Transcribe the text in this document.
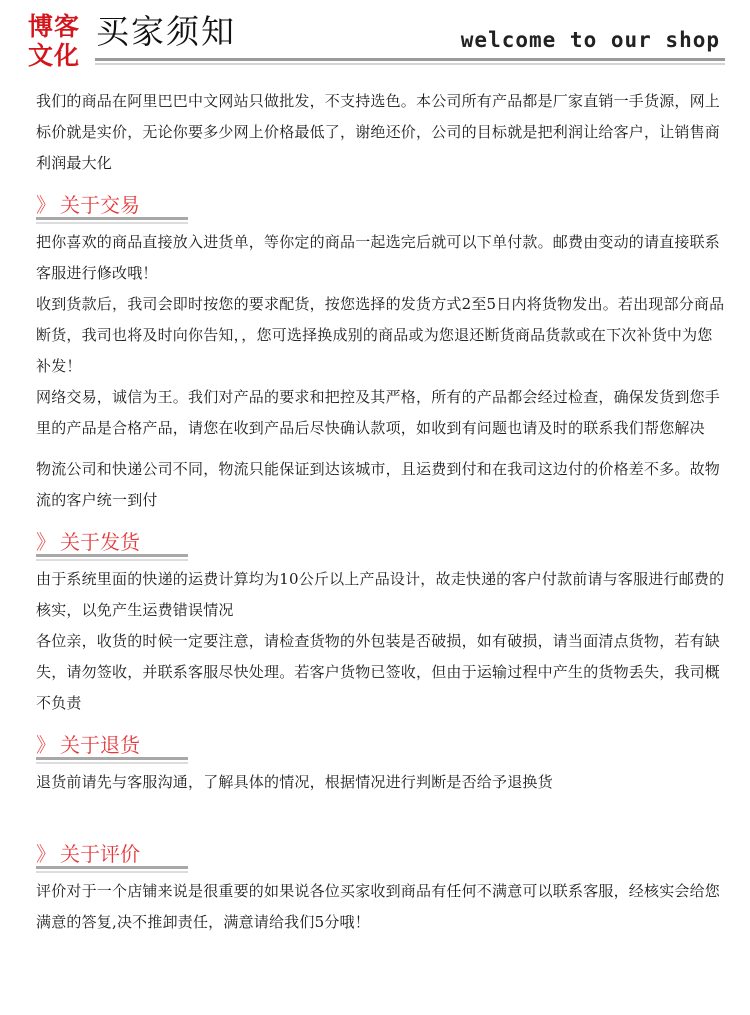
博客
文化
买家须知	welcome to our shop

我们的商品在阿里巴巴中文网站只做批发，不支持选色。本公司所有产品都是厂家直销一手货源，网上标价就是实价，无论你要多少网上价格最低了，谢绝还价，公司的目标就是把利润让给客户，让销售商利润最大化

》 关于交易

把你喜欢的商品直接放入进货单，等你定的商品一起选完后就可以下单付款。邮费由变动的请直接联系客服进行修改哦！

收到货款后，我司会即时按您的要求配货，按您选择的发货方式2至5日内将货物发出。若出现部分商品断货，我司也将及时向你告知，，您可选择换成别的商品或为您退还断货商品货款或在下次补货中为您补发！

网络交易，诚信为王。我们对产品的要求和把控及其严格，所有的产品都会经过检查，确保发货到您手里的产品是合格产品，请您在收到产品后尽快确认款项，如收到有问题也请及时的联系我们帮您解决

物流公司和快递公司不同，物流只能保证到达该城市，且运费到付和在我司这边付的价格差不多。故物流的客户统一到付

》 关于发货

由于系统里面的快递的运费计算均为10公斤以上产品设计，故走快递的客户付款前请与客服进行邮费的核实，以免产生运费错误情况

各位亲，收货的时候一定要注意，请检查货物的外包装是否破损，如有破损，请当面清点货物，若有缺失，请勿签收，并联系客服尽快处理。若客户货物已签收，但由于运输过程中产生的货物丢失，我司概不负责

》 关于退货

退货前请先与客服沟通，了解具体的情况，根据情况进行判断是否给予退换货

》 关于评价

评价对于一个店铺来说是很重要的如果说各位买家收到商品有任何不满意可以联系客服，经核实会给您满意的答复,决不推卸责任，满意请给我们5分哦！
